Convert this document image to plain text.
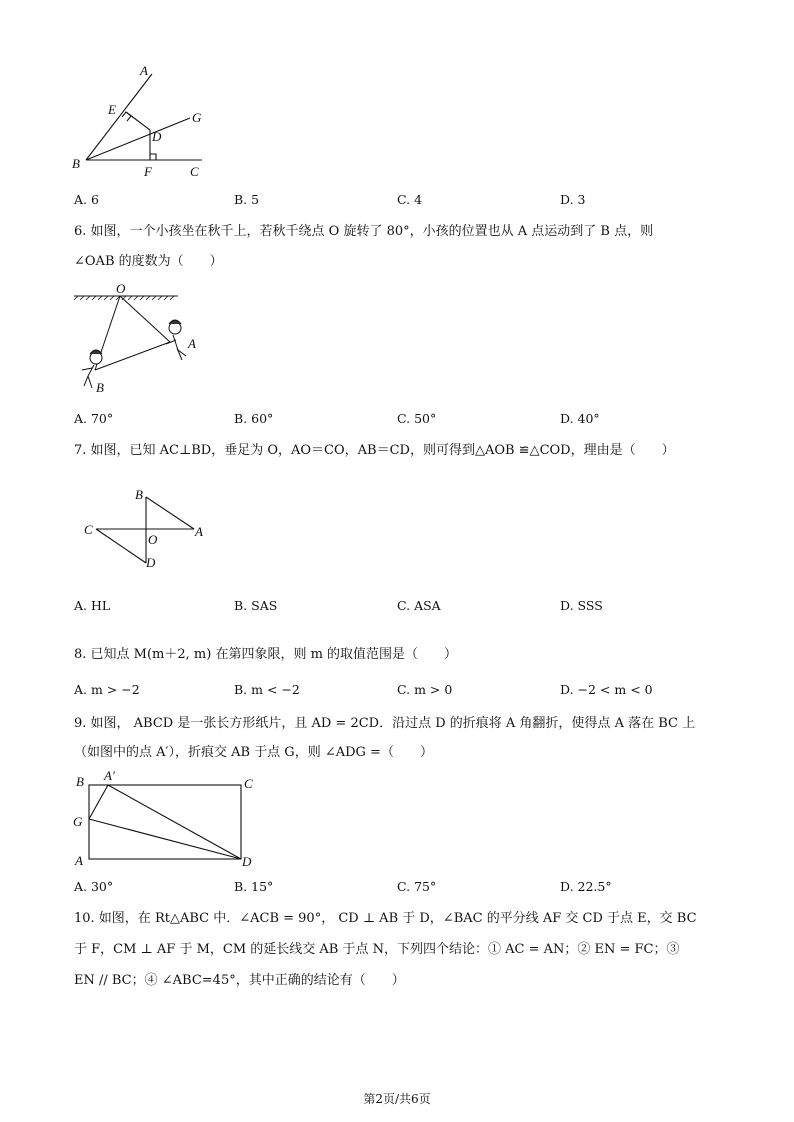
A
E
G
D
B
F	C
A. 6	B. 5	C. 4	D. 3
6. 如图，一个小孩坐在秋千上，若秋千绕点 O 旋转了 80°，小孩的位置也从 A 点运动到了 B 点，则
∠OAB 的度数为（　　）
O
A
B
A. 70°	B. 60°	C. 50°	D. 40°
7. 如图，已知 AC⊥BD，垂足为 O，AO＝CO，AB＝CD，则可得到△AOB ≌△COD，理由是（　　）
B
C
O
A
D
A. HL	B. SAS	C. ASA	D. SSS
8. 已知点 M(m＋2, m) 在第四象限，则 m 的取值范围是（　　）
A. m > −2	B. m < −2	C. m > 0	D. −2 < m < 0
9. 如图， ABCD 是一张长方形纸片，且 AD = 2CD．沿过点 D 的折痕将 A 角翻折，使得点 A 落在 BC 上
（如图中的点 A′），折痕交 AB 于点 G，则 ∠ADG =（　　）
B A′
C
G
A	D
A. 30°	B. 15°	C. 75°	D. 22.5°
10. 如图，在 Rt△ABC 中．∠ACB = 90°， CD ⊥ AB 于 D，∠BAC 的平分线 AF 交 CD 于点 E，交 BC
于 F，CM ⊥ AF 于 M，CM 的延长线交 AB 于点 N，下列四个结论：① AC = AN；② EN = FC；③
EN // BC；④ ∠ABC=45°，其中正确的结论有（　　）
第2页/共6页
